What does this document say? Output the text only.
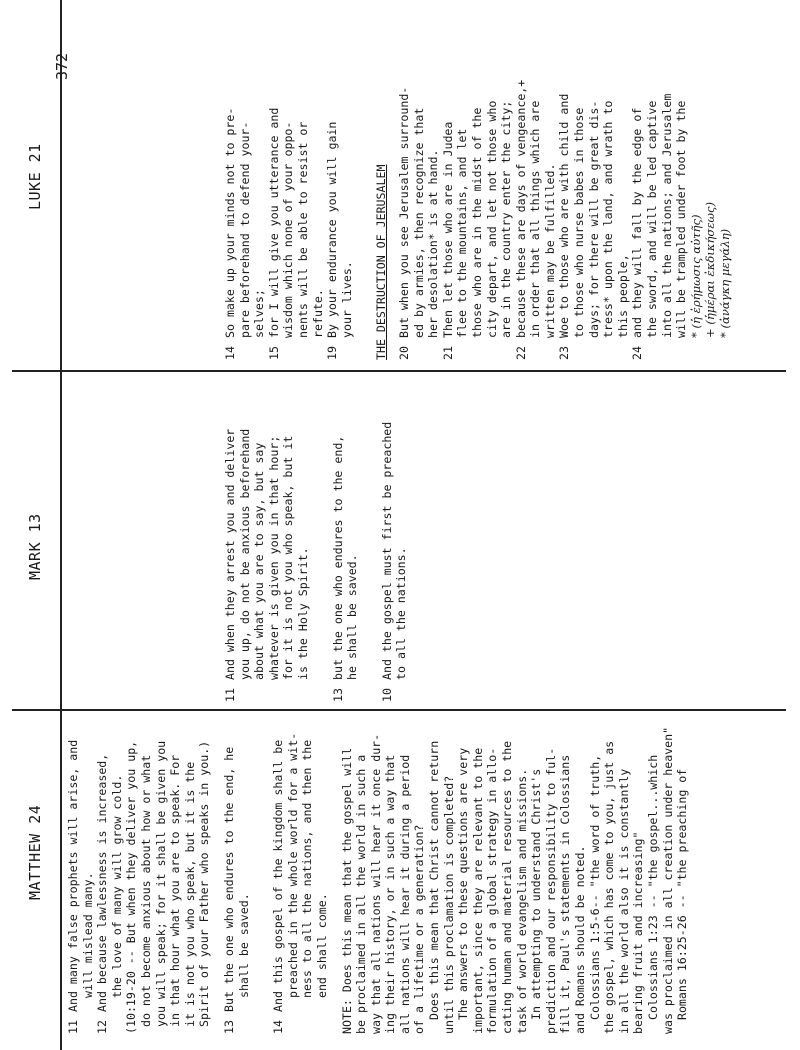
MATTHEW 24
MARK 13
LUKE 21
372
11
And many false prophets will arise, and
will mislead many.
12
And because lawlessness is increased,
the love of many will grow cold.
(10:19-20 -- But when they deliver you up,
do not become anxious about how or what
you will speak; for it shall be given you
in that hour what you are to speak. For
it is not you who speak, but it is the
Spirit of your Father who speaks in you.)
13
But the one who endures to the end, he
shall be saved.
14
And this gospel of the kingdom shall be
preached in the whole world for a wit-
ness to all the nations, and then the
end shall come.
NOTE: Does this mean that the gospel will
be proclaimed in all the world in such a
way that all nations will hear it once dur-
ing their history, or in such a way that
all nations will hear it during a period
of a lifetime or a generation?
Does this mean that Christ cannot return
until this proclamation is completed?
The answers to these questions are very
important, since they are relevant to the
formulation of a global strategy in allo-
cating human and material resources to the
task of world evangelism and missions.
In attempting to understand Christ's
prediction and our responsibility to ful-
fill it, Paul's statements in Colossians
and Romans should be noted.
Colossians 1:5-6-- "the word of truth,
the gospel, which has come to you, just as
in all the world also it is constantly
bearing fruit and increasing"
Colossians 1:23 -- "the gospel...which
was proclaimed in all creation under heaven"
Romans 16:25-26 -- "the preaching of
11
And when they arrest you and deliver
you up, do not be anxious beforehand
about what you are to say, but say
whatever is given you in that hour;
for it is not you who speak, but it
is the Holy Spirit.
13
but the one who endures to the end,
he shall be saved.
10
And the gospel must first be preached
to all the nations.
14
So make up your minds not to pre-
pare beforehand to defend your-
selves;
15
for I will give you utterance and
wisdom which none of your oppo-
nents will be able to resist or
refute.
19
By your endurance you will gain
your lives. THE DESTRUCTION OF JERUSALEM 20
But when you see Jerusalem surround-
ed by armies, then recognize that
her desolation* is at hand.
21
Then let those who are in Judea
flee to the mountains, and let
those who are in the midst of the
city depart, and let not those who
are in the country enter the city;
22
because these are days of vengeance,+
in order that all things which are
written may be fulfilled.
23
Woe to those who are with child and
to those who nurse babes in those
days; for there will be great dis-
tress* upon the land, and wrath to
this people,
24
and they will fall by the edge of
the sword, and will be led captive
into all the nations; and Jerusalem
will be trampled under foot by the
* (ἡ ἐρήμωσις αὐτῆς)
+ (ἡμέραι ἐκδικήσεως)
* (ἀνάγκη μεγάλη)
